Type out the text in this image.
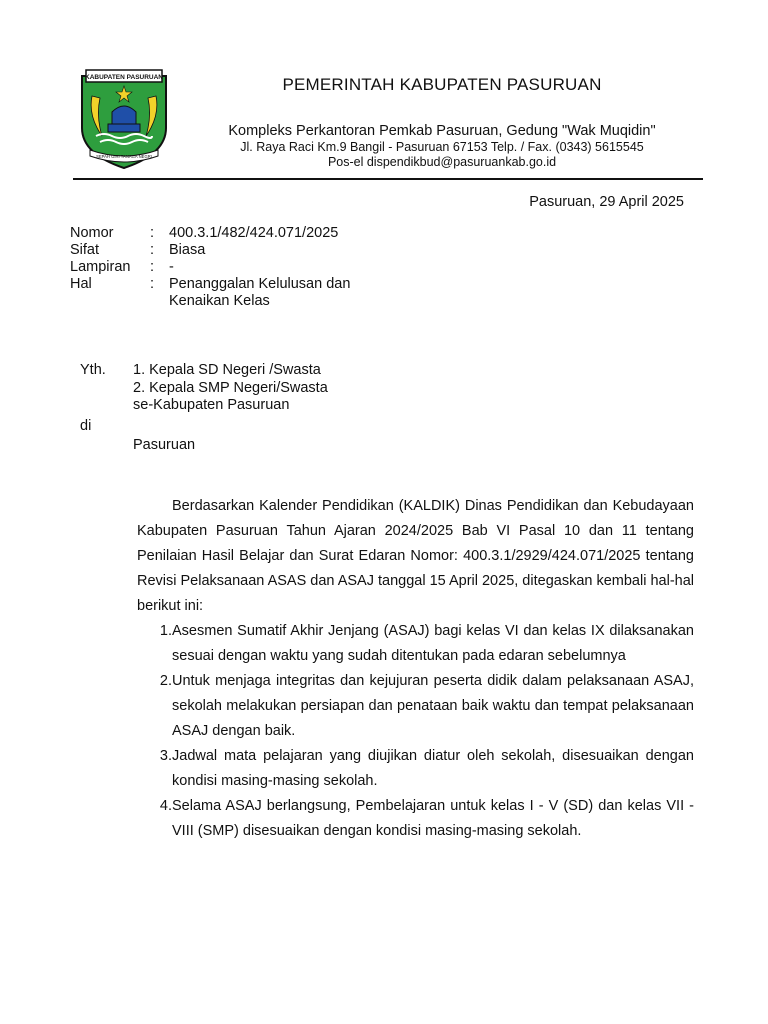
KABUPATEN PASURUAN
SEPAH GIRI TANAGA NEGRI
PEMERINTAH KABUPATEN PASURUAN
Kompleks Perkantoran Pemkab Pasuruan, Gedung "Wak Muqidin"
Jl. Raya Raci Km.9 Bangil - Pasuruan 67153 Telp. / Fax. (0343) 5615545
Pos-el dispendikbud@pasuruankab.go.id
Pasuruan, 29 April 2025
Nomor	:	400.3.1/482/424.071/2025
Sifat	:	Biasa
Lampiran	:	-
Hal	:	Penanggalan Kelulusan dan Kenaikan Kelas
Yth.	1. Kepala SD Negeri /Swasta
2. Kepala SMP Negeri/Swasta
se-Kabupaten Pasuruan
di
Pasuruan

Berdasarkan Kalender Pendidikan (KALDIK) Dinas Pendidikan dan Kebudayaan Kabupaten Pasuruan Tahun Ajaran 2024/2025 Bab VI Pasal 10 dan 11 tentang Penilaian Hasil Belajar dan Surat Edaran Nomor: 400.3.1/2929/424.071/2025 tentang Revisi Pelaksanaan ASAS dan ASAJ tanggal 15 April 2025, ditegaskan kembali hal-hal berikut ini:

1. Asesmen Sumatif Akhir Jenjang (ASAJ) bagi kelas VI dan kelas IX dilaksanakan sesuai dengan waktu yang sudah ditentukan pada edaran sebelumnya
2. Untuk menjaga integritas dan kejujuran peserta didik dalam pelaksanaan ASAJ, sekolah melakukan persiapan dan penataan baik waktu dan tempat pelaksanaan ASAJ dengan baik.
3. Jadwal mata pelajaran yang diujikan diatur oleh sekolah, disesuaikan dengan kondisi masing-masing sekolah.
4. Selama ASAJ berlangsung, Pembelajaran untuk kelas I - V (SD) dan kelas VII - VIII (SMP) disesuaikan dengan kondisi masing-masing sekolah.
